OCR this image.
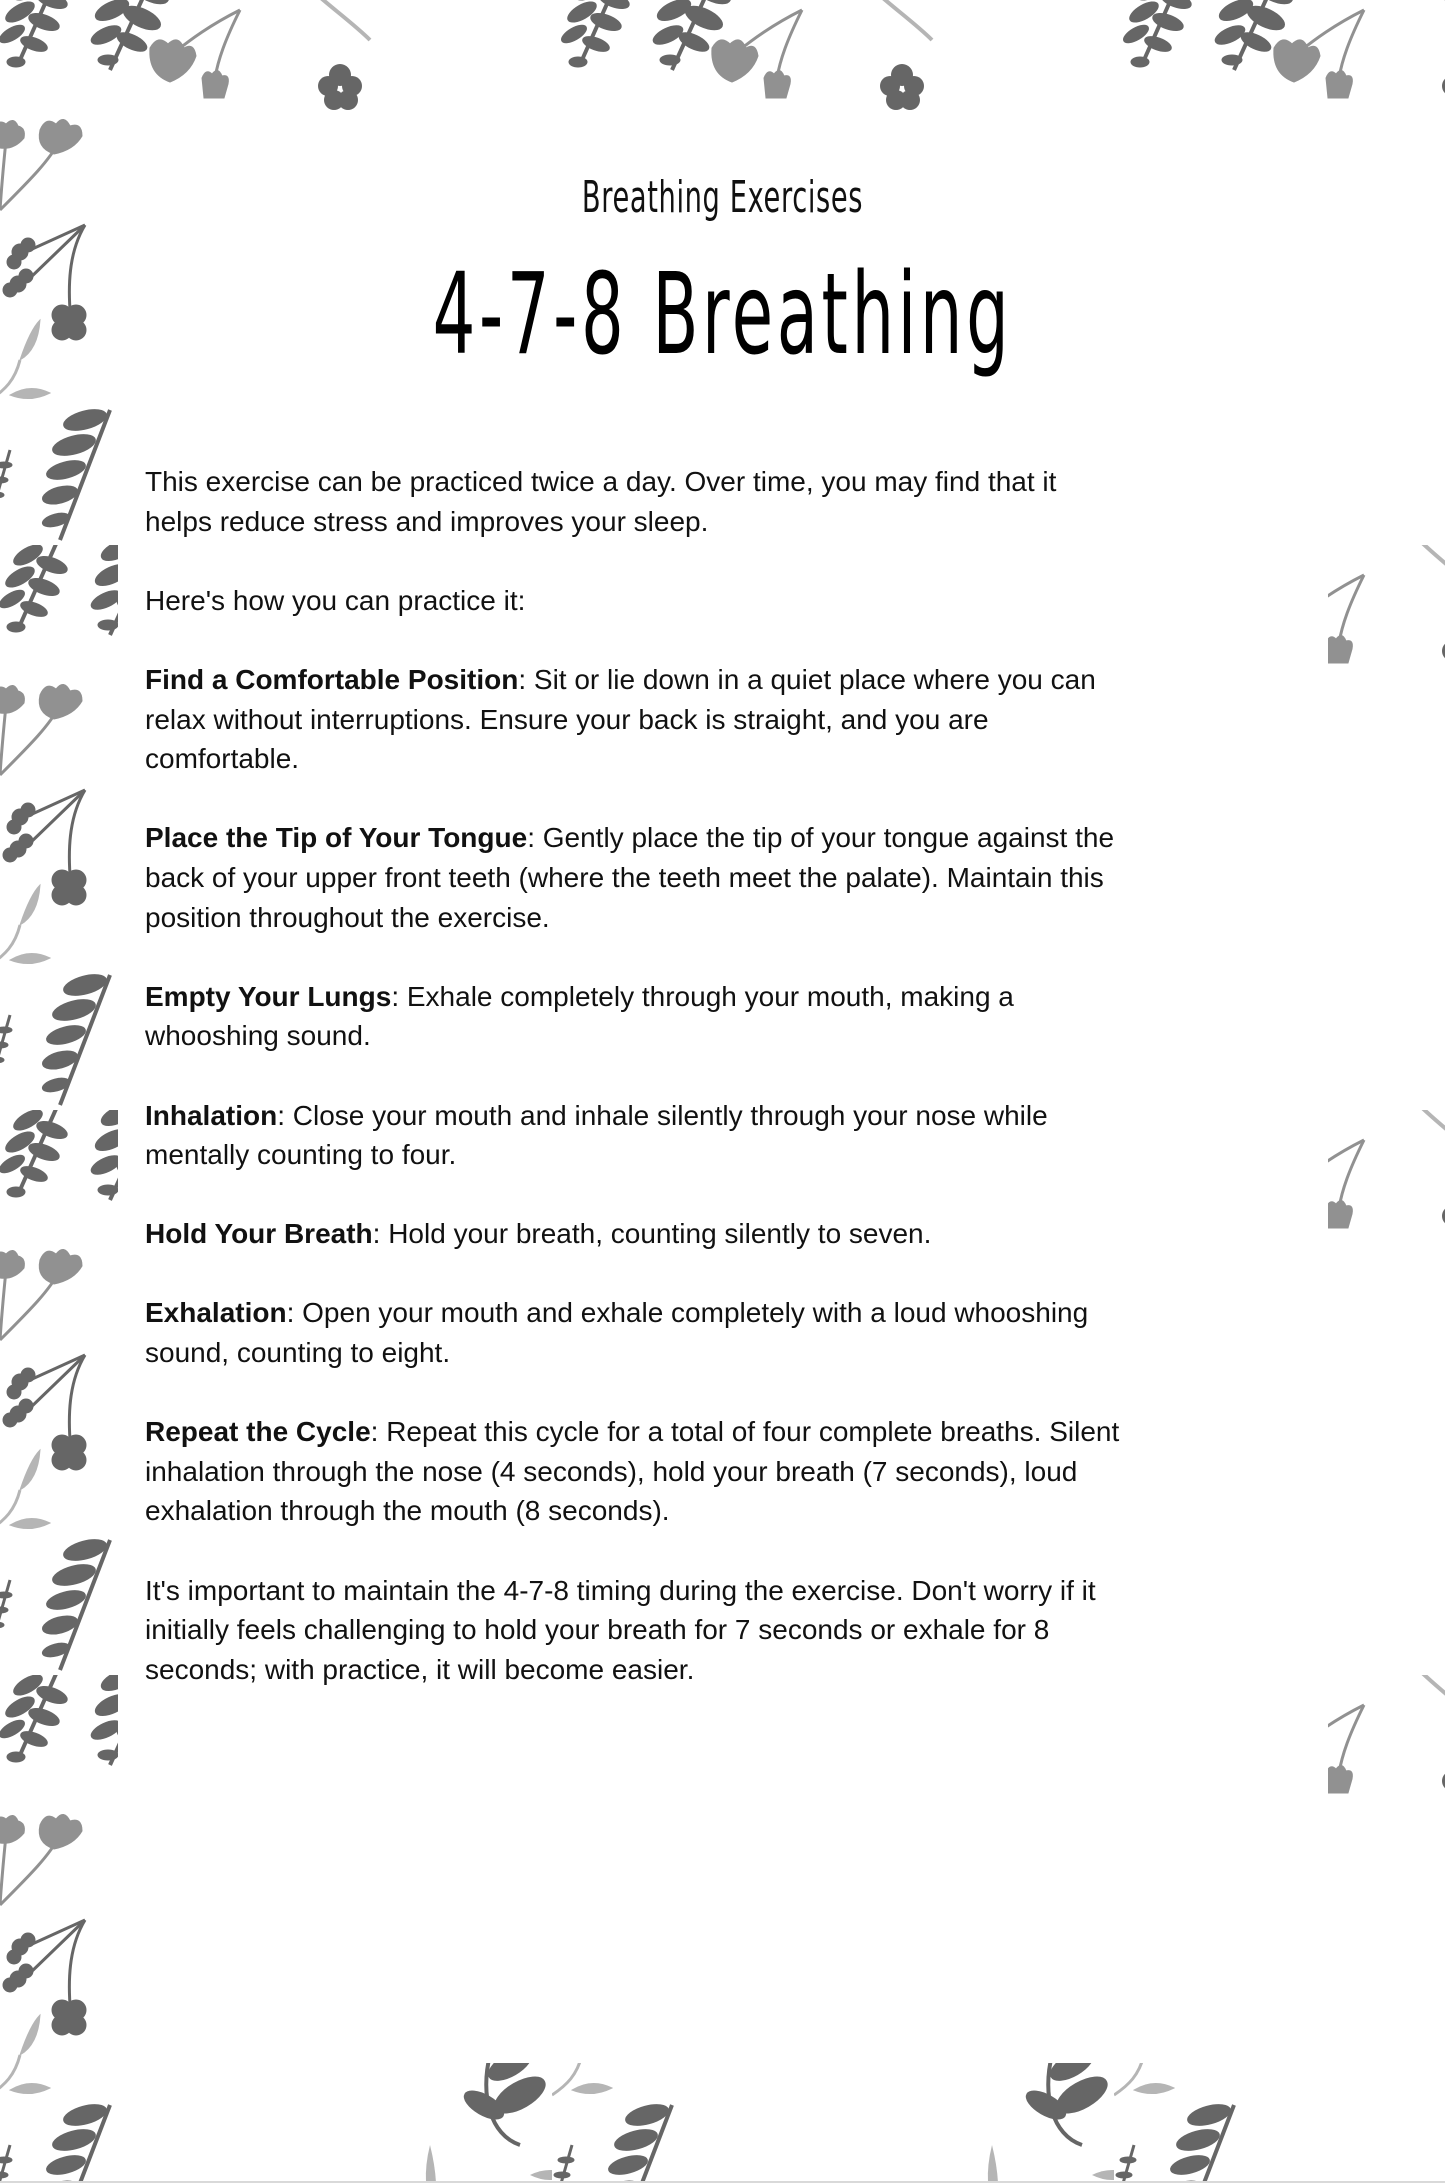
Breathing Exercises
4-7-8 Breathing

This exercise can be practiced twice a day. Over time, you may find that it
helps reduce stress and improves your sleep.

Here's how you can practice it:

Find a Comfortable Position: Sit or lie down in a quiet place where you can
relax without interruptions. Ensure your back is straight, and you are
comfortable.

Place the Tip of Your Tongue: Gently place the tip of your tongue against the
back of your upper front teeth (where the teeth meet the palate). Maintain this
position throughout the exercise.

Empty Your Lungs: Exhale completely through your mouth, making a
whooshing sound.

Inhalation: Close your mouth and inhale silently through your nose while
mentally counting to four.

Hold Your Breath: Hold your breath, counting silently to seven.

Exhalation: Open your mouth and exhale completely with a loud whooshing
sound, counting to eight.

Repeat the Cycle: Repeat this cycle for a total of four complete breaths. Silent
inhalation through the nose (4 seconds), hold your breath (7 seconds), loud
exhalation through the mouth (8 seconds).

It's important to maintain the 4-7-8 timing during the exercise. Don't worry if it
initially feels challenging to hold your breath for 7 seconds or exhale for 8
seconds; with practice, it will become easier.
